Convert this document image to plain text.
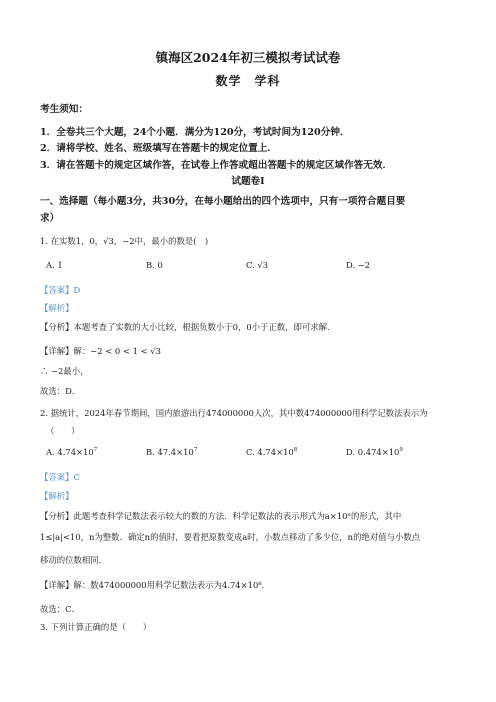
镇海区2024年初三模拟考试试卷
数学　学科
考生须知：
1．全卷共三个大题，24个小题．满分为120分，考试时间为120分钟．
2．请将学校、姓名、班级填写在答题卡的规定位置上．
3．请在答题卡的规定区域作答，在试卷上作答或超出答题卡的规定区域作答无效．
试题卷Ⅰ
一、选择题（每小题3分，共30分，在每小题给出的四个选项中，只有一项符合题目要
求）
1. 在实数1，0，√3，−2中，最小的数是(　)
A. 1	B. 0	C. √3	D. −2
【答案】D
【解析】
【分析】本题考查了实数的大小比较，根据负数小于0，0小于正数，即可求解．
【详解】解：−2 < 0 < 1 < √3
∴ −2最小，
故选：D．
2. 据统计，2024年春节期间，国内旅游出行474000000人次，其中数474000000用科学记数法表示为
（　　）
A. $4.74\times 10^7$	B. $47.4\times 10^7$	C. $4.74\times 10^8$	D. $0.474\times 10^9$
【答案】C
【解析】
【分析】此题考查科学记数法表示较大的数的方法．科学记数法的表示形式为a×10ⁿ的形式，其中
1≤|a|<10，n为整数．确定n的值时，要看把原数变成a时，小数点移动了多少位，n的绝对值与小数点
移动的位数相同．
【详解】解：数474000000用科学记数法表示为4.74×10⁸．
故选：C．
3. 下列计算正确的是（　　）
